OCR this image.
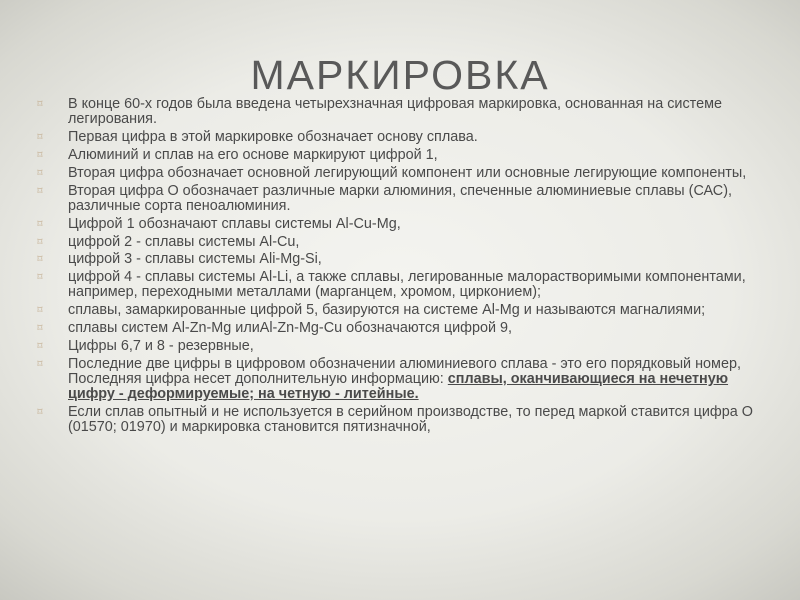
МАРКИРОВКА
⌑ В конце 60-х годов была введена четырехзначная цифровая маркировка, основанная на системе легирования.
⌑ Первая цифра в этой маркировке обозначает основу сплава.
⌑ Алюминий и сплав на его основе маркируют цифрой 1,
⌑ Вторая цифра обозначает основной легирующий компонент или основные легирующие компоненты,
⌑ Вторая цифра О обозначает различные марки алюминия, спеченные алюминиевые сплавы (САС), различные сорта пеноалюминия.
⌑ Цифрой 1 обозначают сплавы системы Al-Cu-Mg,
⌑ цифрой 2 - сплавы системы Al-Cu,
⌑ цифрой 3 - сплавы системы Ali-Mg-Si,
⌑ цифрой 4 - сплавы системы Al-Li, а также сплавы, легированные малорастворимыми компонентами, например, переходными металлами (марганцем, хромом, цирконием);
⌑ сплавы, замаркированные цифрой 5, базируются на системе Al-Mg и называются магналиями;
⌑ сплавы систем Al-Zn-Mg илиAl-Zn-Mg-Cu обозначаются цифрой 9,
⌑ Цифры 6,7 и 8 - резервные,
⌑ Последние две цифры в цифровом обозначении алюминиевого сплава - это его порядковый номер, Последняя цифра несет дополнительную информацию: сплавы, оканчивающиеся на нечетную цифру - деформируемые; на четную - литейные.
⌑ Если сплав опытный и не используется в серийном производстве, то перед маркой ставится цифра О (01570; 01970) и маркировка становится пятизначной,
